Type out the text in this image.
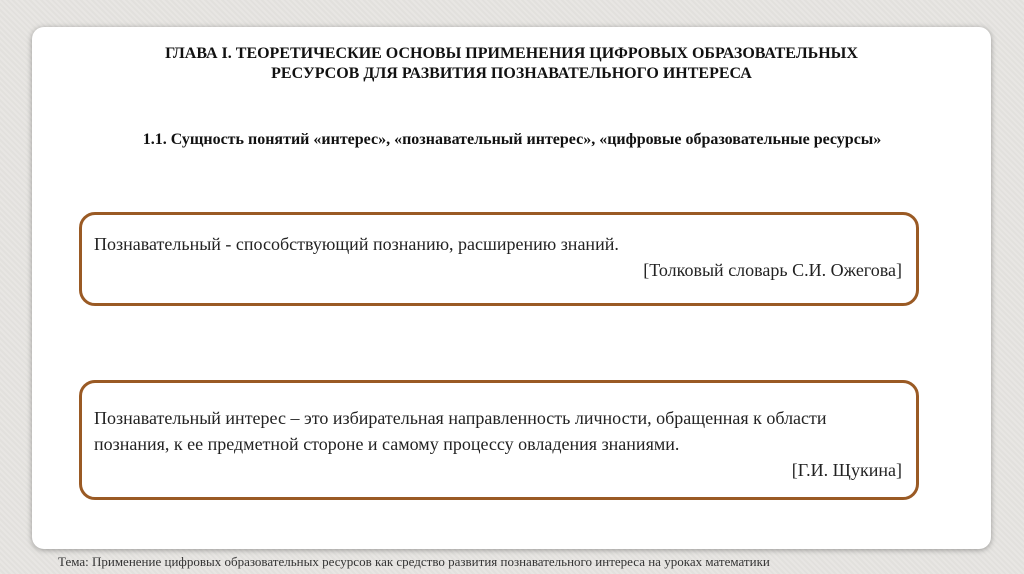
ГЛАВА I. ТЕОРЕТИЧЕСКИЕ ОСНОВЫ ПРИМЕНЕНИЯ ЦИФРОВЫХ ОБРАЗОВАТЕЛЬНЫХ РЕСУРСОВ ДЛЯ РАЗВИТИЯ ПОЗНАВАТЕЛЬНОГО ИНТЕРЕСА
1.1. Сущность понятий «интерес», «познавательный интерес», «цифровые образовательные ресурсы»
Познавательный - способствующий познанию, расширению знаний.
[Толковый словарь С.И. Ожегова]
Познавательный интерес – это избирательная направленность личности, обращенная к области познания, к ее предметной стороне и самому процессу овладения знаниями.
[Г.И. Щукина]
Тема: Применение цифровых образовательных ресурсов как средство развития познавательного интереса на уроках математики
